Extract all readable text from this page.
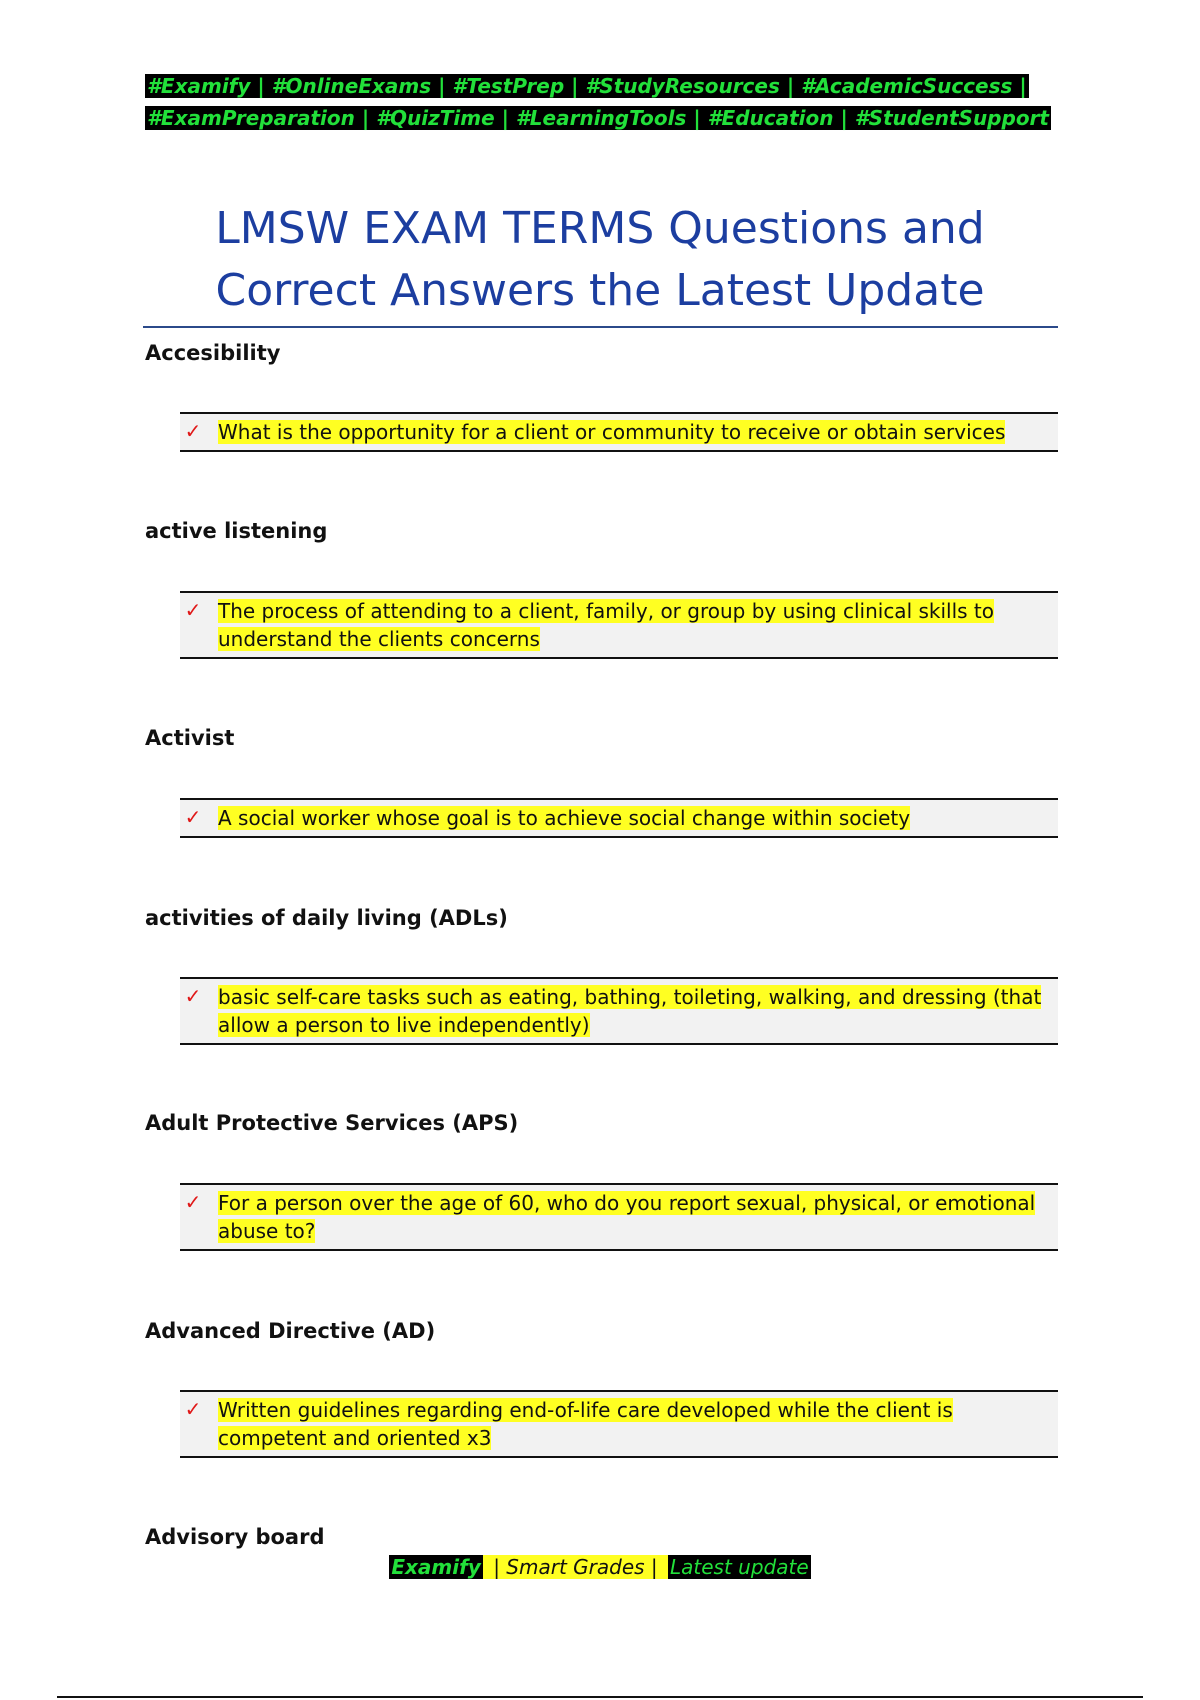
#Examify | #OnlineExams | #TestPrep | #StudyResources | #AcademicSuccess |
#ExamPreparation | #QuizTime | #LearningTools | #Education | #StudentSupport
LMSW EXAM TERMS Questions and
Correct Answers the Latest Update
Accesibility
✓ What is the opportunity for a client or community to receive or obtain services
active listening
✓ The process of attending to a client, family, or group by using clinical skills to understand the clients concerns
Activist
✓ A social worker whose goal is to achieve social change within society
activities of daily living (ADLs)
✓ basic self-care tasks such as eating, bathing, toileting, walking, and dressing (that allow a person to live independently)
Adult Protective Services (APS)
✓ For a person over the age of 60, who do you report sexual, physical, or emotional abuse to?
Advanced Directive (AD)
✓ Written guidelines regarding end-of-life care developed while the client is competent and oriented x3
Advisory board
Examify | Smart Grades | Latest update
